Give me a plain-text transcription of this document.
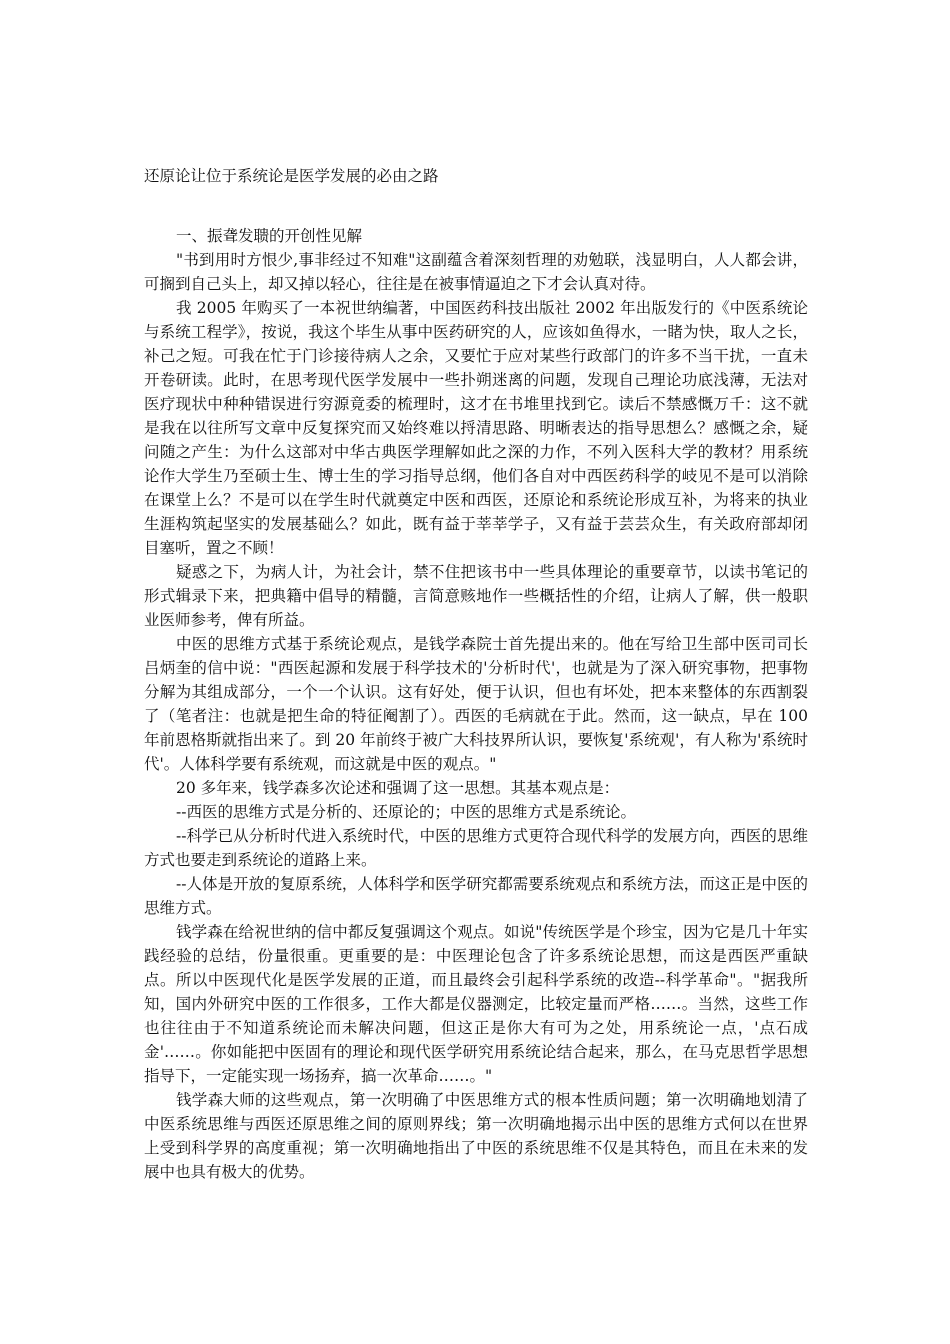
还原论让位于系统论是医学发展的必由之路
一、振聋发聩的开创性见解

"书到用时方恨少,事非经过不知难"这副蕴含着深刻哲理的劝勉联，浅显明白，人人都会讲，可搁到自己头上，却又掉以轻心，往往是在被事情逼迫之下才会认真对待。

我 2005 年购买了一本祝世纳编著，中国医药科技出版社 2002 年出版发行的《中医系统论与系统工程学》，按说，我这个毕生从事中医药研究的人，应该如鱼得水，一睹为快，取人之长，补己之短。可我在忙于门诊接待病人之余，又要忙于应对某些行政部门的许多不当干扰，一直未开卷研读。此时，在思考现代医学发展中一些扑朔迷离的问题，发现自己理论功底浅薄，无法对医疗现状中种种错误进行穷源竟委的梳理时，这才在书堆里找到它。读后不禁感慨万千：这不就是我在以往所写文章中反复探究而又始终难以捋清思路、明晰表达的指导思想么？感慨之余，疑问随之产生：为什么这部对中华古典医学理解如此之深的力作，不列入医科大学的教材？用系统论作大学生乃至硕士生、博士生的学习指导总纲，他们各自对中西医药科学的岐见不是可以消除在课堂上么？不是可以在学生时代就奠定中医和西医，还原论和系统论形成互补，为将来的执业生涯构筑起坚实的发展基础么？如此，既有益于莘莘学子，又有益于芸芸众生，有关政府部却闭目塞听，置之不顾！

疑惑之下，为病人计，为社会计，禁不住把该书中一些具体理论的重要章节，以读书笔记的形式辑录下来，把典籍中倡导的精髓，言简意赅地作一些概括性的介绍，让病人了解，供一般职业医师参考，俾有所益。

中医的思维方式基于系统论观点，是钱学森院士首先提出来的。他在写给卫生部中医司司长吕炳奎的信中说："西医起源和发展于科学技术的'分析时代'，也就是为了深入研究事物，把事物分解为其组成部分，一个一个认识。这有好处，便于认识，但也有坏处，把本来整体的东西割裂了（笔者注：也就是把生命的特征阉割了）。西医的毛病就在于此。然而，这一缺点，早在 100 年前恩格斯就指出来了。到 20 年前终于被广大科技界所认识，要恢复'系统观'，有人称为'系统时代'。人体科学要有系统观，而这就是中医的观点。"

20 多年来，钱学森多次论述和强调了这一思想。其基本观点是：

--西医的思维方式是分析的、还原论的；中医的思维方式是系统论。

--科学已从分析时代进入系统时代，中医的思维方式更符合现代科学的发展方向，西医的思维方式也要走到系统论的道路上来。

--人体是开放的复原系统，人体科学和医学研究都需要系统观点和系统方法，而这正是中医的思维方式。

钱学森在给祝世纳的信中都反复强调这个观点。如说"传统医学是个珍宝，因为它是几十年实践经验的总结，份量很重。更重要的是：中医理论包含了许多系统论思想，而这是西医严重缺点。所以中医现代化是医学发展的正道，而且最终会引起科学系统的改造--科学革命"。"据我所知，国内外研究中医的工作很多，工作大都是仪器测定，比较定量而严格……。当然，这些工作也往往由于不知道系统论而未解决问题，但这正是你大有可为之处，用系统论一点，'点石成金'……。你如能把中医固有的理论和现代医学研究用系统论结合起来，那么，在马克思哲学思想指导下，一定能实现一场扬弃，搞一次革命……。"

钱学森大师的这些观点，第一次明确了中医思维方式的根本性质问题；第一次明确地划清了中医系统思维与西医还原思维之间的原则界线；第一次明确地揭示出中医的思维方式何以在世界上受到科学界的高度重视；第一次明确地指出了中医的系统思维不仅是其特色，而且在未来的发展中也具有极大的优势。
